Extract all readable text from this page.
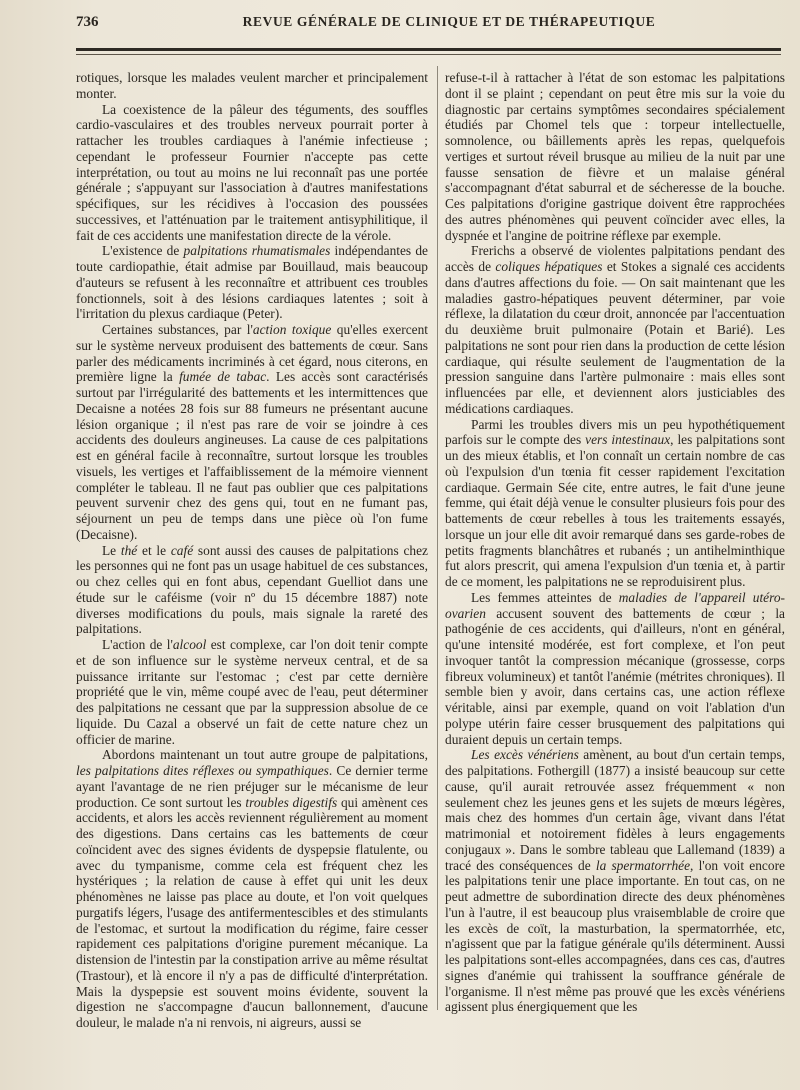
736	REVUE GÉNÉRALE DE CLINIQUE ET DE THÉRAPEUTIQUE

rotiques, lorsque les malades veulent marcher et principalement monter.

La coexistence de la pâleur des téguments, des souffles cardio-vasculaires et des troubles nerveux pourrait porter à rattacher les troubles cardiaques à l'anémie infectieuse ; cependant le professeur Fournier n'accepte pas cette interprétation, ou tout au moins ne lui reconnaît pas une portée générale ; s'appuyant sur l'association à d'autres manifestations spécifiques, sur les récidives à l'occasion des poussées successives, et l'atténuation par le traitement antisyphilitique, il fait de ces accidents une manifestation directe de la vérole.

L'existence de palpitations rhumatismales indépendantes de toute cardiopathie, était admise par Bouillaud, mais beaucoup d'auteurs se refusent à les reconnaître et attribuent ces troubles fonctionnels, soit à des lésions cardiaques latentes ; soit à l'irritation du plexus cardiaque (Peter).

Certaines substances, par l'action toxique qu'elles exercent sur le système nerveux produisent des battements de cœur. Sans parler des médicaments incriminés à cet égard, nous citerons, en première ligne la fumée de tabac. Les accès sont caractérisés surtout par l'irrégularité des battements et les intermittences que Decaisne a notées 28 fois sur 88 fumeurs ne présentant aucune lésion organique ; il n'est pas rare de voir se joindre à ces accidents des douleurs angineuses. La cause de ces palpitations est en général facile à reconnaître, surtout lorsque les troubles visuels, les vertiges et l'affaiblissement de la mémoire viennent compléter le tableau. Il ne faut pas oublier que ces palpitations peuvent survenir chez des gens qui, tout en ne fumant pas, séjournent un peu de temps dans une pièce où l'on fume (Decaisne).

Le thé et le café sont aussi des causes de palpitations chez les personnes qui ne font pas un usage habituel de ces substances, ou chez celles qui en font abus, cependant Guelliot dans une étude sur le caféisme (voir nº du 15 décembre 1887) note diverses modifications du pouls, mais signale la rareté des palpitations.

L'action de l'alcool est complexe, car l'on doit tenir compte et de son influence sur le système nerveux central, et de sa puissance irritante sur l'estomac ; c'est par cette dernière propriété que le vin, même coupé avec de l'eau, peut déterminer des palpitations ne cessant que par la suppression absolue de ce liquide. Du Cazal a observé un fait de cette nature chez un officier de marine.

Abordons maintenant un tout autre groupe de palpitations, les palpitations dites réflexes ou sympathiques. Ce dernier terme ayant l'avantage de ne rien préjuger sur le mécanisme de leur production. Ce sont surtout les troubles digestifs qui amènent ces accidents, et alors les accès reviennent régulièrement au moment des digestions. Dans certains cas les battements de cœur coïncident avec des signes évidents de dyspepsie flatulente, ou avec du tympanisme, comme cela est fréquent chez les hystériques ; la relation de cause à effet qui unit les deux phénomènes ne laisse pas place au doute, et l'on voit quelques purgatifs légers, l'usage des antifermentescibles et des stimulants de l'estomac, et surtout la modification du régime, faire cesser rapidement ces palpitations d'origine purement mécanique. La distension de l'intestin par la constipation arrive au même résultat (Trastour), et là encore il n'y a pas de difficulté d'interprétation. Mais la dyspepsie est souvent moins évidente, souvent la digestion ne s'accompagne d'aucun ballonnement, d'aucune douleur, le malade n'a ni renvois, ni aigreurs, aussi se

refuse-t-il à rattacher à l'état de son estomac les palpitations dont il se plaint ; cependant on peut être mis sur la voie du diagnostic par certains symptômes secondaires spécialement étudiés par Chomel tels que : torpeur intellectuelle, somnolence, ou bâillements après les repas, quelquefois vertiges et surtout réveil brusque au milieu de la nuit par une fausse sensation de fièvre et un malaise général s'accompagnant d'état saburral et de sécheresse de la bouche. Ces palpitations d'origine gastrique doivent être rapprochées des autres phénomènes qui peuvent coïncider avec elles, la dyspnée et l'angine de poitrine réflexe par exemple.

Frerichs a observé de violentes palpitations pendant des accès de coliques hépatiques et Stokes a signalé ces accidents dans d'autres affections du foie. — On sait maintenant que les maladies gastro-hépatiques peuvent déterminer, par voie réflexe, la dilatation du cœur droit, annoncée par l'accentuation du deuxième bruit pulmonaire (Potain et Barié). Les palpitations ne sont pour rien dans la production de cette lésion cardiaque, qui résulte seulement de l'augmentation de la pression sanguine dans l'artère pulmonaire : mais elles sont influencées par elle, et deviennent alors justiciables des médications cardiaques.

Parmi les troubles divers mis un peu hypothétiquement parfois sur le compte des vers intestinaux, les palpitations sont un des mieux établis, et l'on connaît un certain nombre de cas où l'expulsion d'un tœnia fit cesser rapidement l'excitation cardiaque. Germain Sée cite, entre autres, le fait d'une jeune femme, qui était déjà venue le consulter plusieurs fois pour des battements de cœur rebelles à tous les traitements essayés, lorsque un jour elle dit avoir remarqué dans ses garde-robes de petits fragments blanchâtres et rubanés ; un antihelminthique fut alors prescrit, qui amena l'expulsion d'un tœnia et, à partir de ce moment, les palpitations ne se reproduisirent plus.

Les femmes atteintes de maladies de l'appareil utéro-ovarien accusent souvent des battements de cœur ; la pathogénie de ces accidents, qui d'ailleurs, n'ont en général, qu'une intensité modérée, est fort complexe, et l'on peut invoquer tantôt la compression mécanique (grossesse, corps fibreux volumineux) et tantôt l'anémie (métrites chroniques). Il semble bien y avoir, dans certains cas, une action réflexe véritable, ainsi par exemple, quand on voit l'ablation d'un polype utérin faire cesser brusquement des palpitations qui duraient depuis un certain temps.

Les excès vénériens amènent, au bout d'un certain temps, des palpitations. Fothergill (1877) a insisté beaucoup sur cette cause, qu'il aurait retrouvée assez fréquemment « non seulement chez les jeunes gens et les sujets de mœurs légères, mais chez des hommes d'un certain âge, vivant dans l'état matrimonial et notoirement fidèles à leurs engagements conjugaux ». Dans le sombre tableau que Lallemand (1839) a tracé des conséquences de la spermatorrhée, l'on voit encore les palpitations tenir une place importante. En tout cas, on ne peut admettre de subordination directe des deux phénomènes l'un à l'autre, il est beaucoup plus vraisemblable de croire que les excès de coït, la masturbation, la spermatorrhée, etc, n'agissent que par la fatigue générale qu'ils déterminent. Aussi les palpitations sont-elles accompagnées, dans ces cas, d'autres signes d'anémie qui trahissent la souffrance générale de l'organisme. Il n'est même pas prouvé que les excès vénériens agissent plus énergiquement que les
